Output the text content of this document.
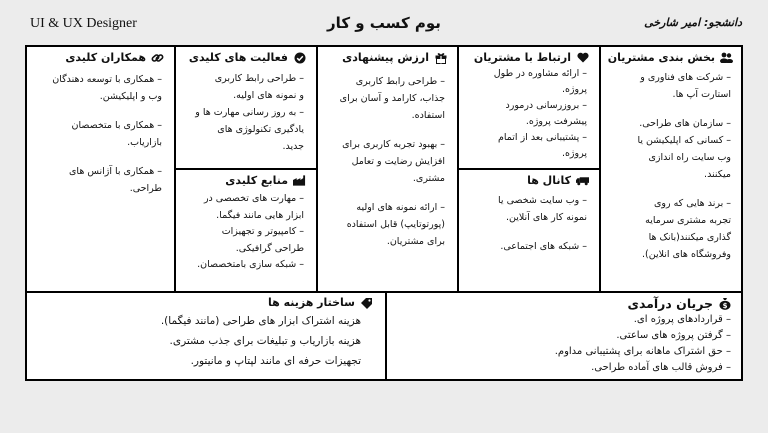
UI & UX Designer	بوم کسب و کار	دانشجو: امیر شارخی
بخش بندی مشتریان
– شرکت های فناوری و
استارت آپ ها.
– سازمان های طراحی.
– کسانی که اپلیکیشن یا
وب سایت راه اندازی
میکنند.
– برند هایی که روی
تجربه مشتری سرمایه
گذاری میکنند(بانک ها
وفروشگاه های انلاین).
ارتباط با مشتریان
– ارائه مشاوره در طول
پروژه.
– بروزرسانی درمورد
پیشرفت پروژه.
– پشتیبانی بعد از اتمام
پروژه.
کانال ها
– وب سایت شخصی یا
نمونه کار های آنلاین.
– شبکه های اجتماعی.
ارزش پیشنهادی
– طراحی رابط کاربری
جذاب، کارامد و آسان برای
استفاده.
– بهبود تجربه کاربری برای
افزایش رضایت و تعامل
مشتری.
– ارائه نمونه های اولیه
(پورتوتایپ) قابل استفاده
برای مشتریان.
فعالیت های کلیدی
– طراحی رابط کاربری
و نمونه های اولیه.
– به روز رسانی مهارت ها و
یادگیری تکنولوژی های
جدید.
منابع کلیدی
– مهارت های تخصصی در
ابزار هایی مانند فیگما.
– کامپیوتر و تجهیزات
طراحی گرافیکی.
– شبکه سازی بامتخصصان.
همکاران کلیدی
– همکاری با توسعه دهندگان
وب و اپلیکیشن.
– همکاری با متخصصان
بازاریاب.
– همکاری با آژانس های
طراحی.
$
جریان درآمدی
– قراردادهای پروژه ای.
– گرفتن پروژه های ساعتی.
– حق اشتراک ماهانه برای پشتیبانی مداوم.
– فروش قالب های آماده طراحی.
ساختار هزینه ها
هزینه اشتراک ابزار های طراحی (مانند فیگما).
هزینه بازاریاب و تبلیغات برای جذب مشتری.
تجهیزات حرفه ای مانند لپتاپ و مانیتور.
